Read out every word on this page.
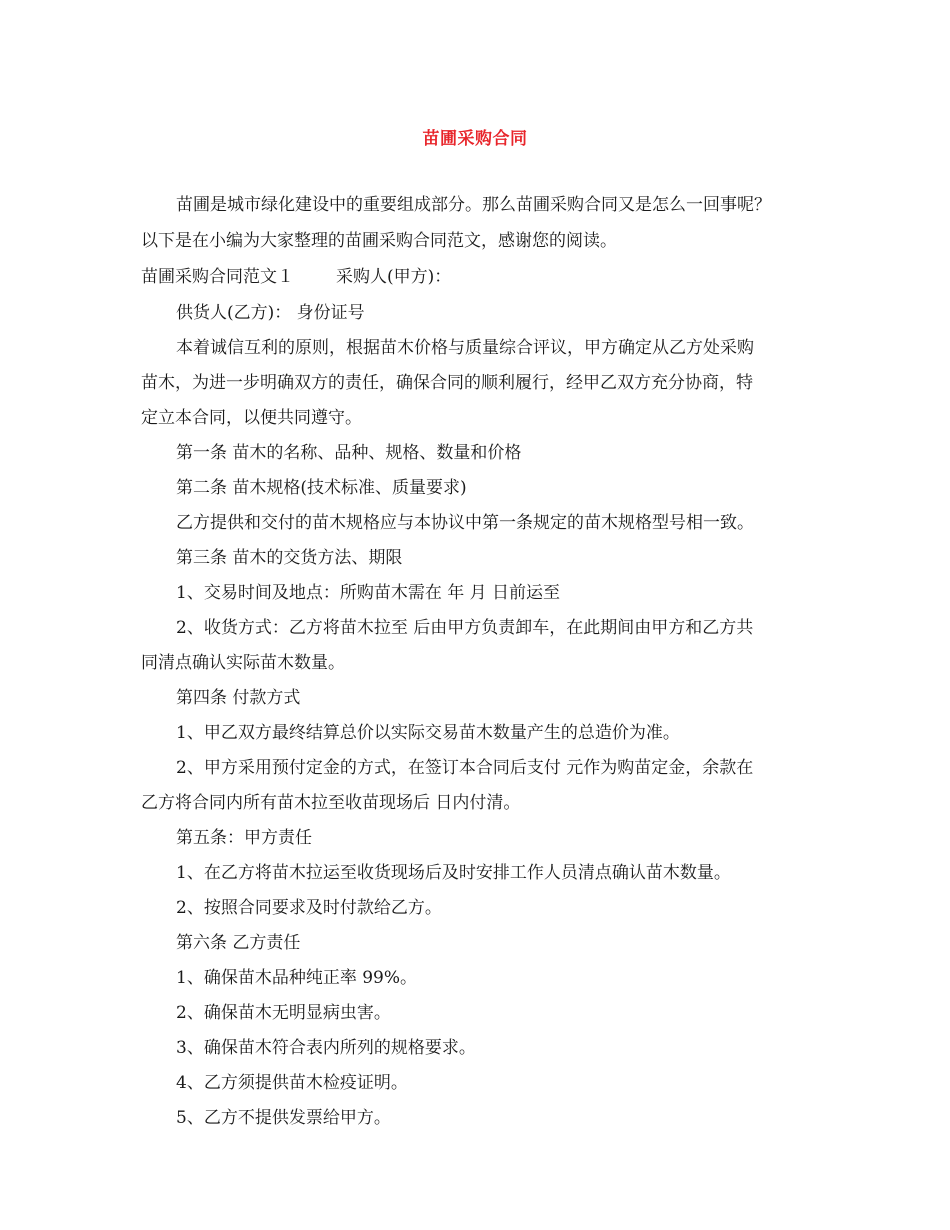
苗圃采购合同
苗圃是城市绿化建设中的重要组成部分。那么苗圃采购合同又是怎么一回事呢？
以下是在小编为大家整理的苗圃采购合同范文，感谢您的阅读。
苗圃采购合同范文１ 采购人(甲方)：
供货人(乙方)： 身份证号
本着诚信互利的原则，根据苗木价格与质量综合评议，甲方确定从乙方处采购
苗木，为进一步明确双方的责任，确保合同的顺利履行，经甲乙双方充分协商，特
定立本合同，以便共同遵守。
第一条 苗木的名称、品种、规格、数量和价格
第二条 苗木规格(技术标准、质量要求)
乙方提供和交付的苗木规格应与本协议中第一条规定的苗木规格型号相一致。
第三条 苗木的交货方法、期限
1、交易时间及地点：所购苗木需在 年 月 日前运至
2、收货方式：乙方将苗木拉至 后由甲方负责卸车，在此期间由甲方和乙方共
同清点确认实际苗木数量。
第四条 付款方式
1、甲乙双方最终结算总价以实际交易苗木数量产生的总造价为准。
2、甲方采用预付定金的方式，在签订本合同后支付 元作为购苗定金，余款在
乙方将合同内所有苗木拉至收苗现场后 日内付清。
第五条：甲方责任
1、在乙方将苗木拉运至收货现场后及时安排工作人员清点确认苗木数量。
2、按照合同要求及时付款给乙方。
第六条 乙方责任
1、确保苗木品种纯正率 99%。
2、确保苗木无明显病虫害。
3、确保苗木符合表内所列的规格要求。
4、乙方须提供苗木检疫证明。
5、乙方不提供发票给甲方。
